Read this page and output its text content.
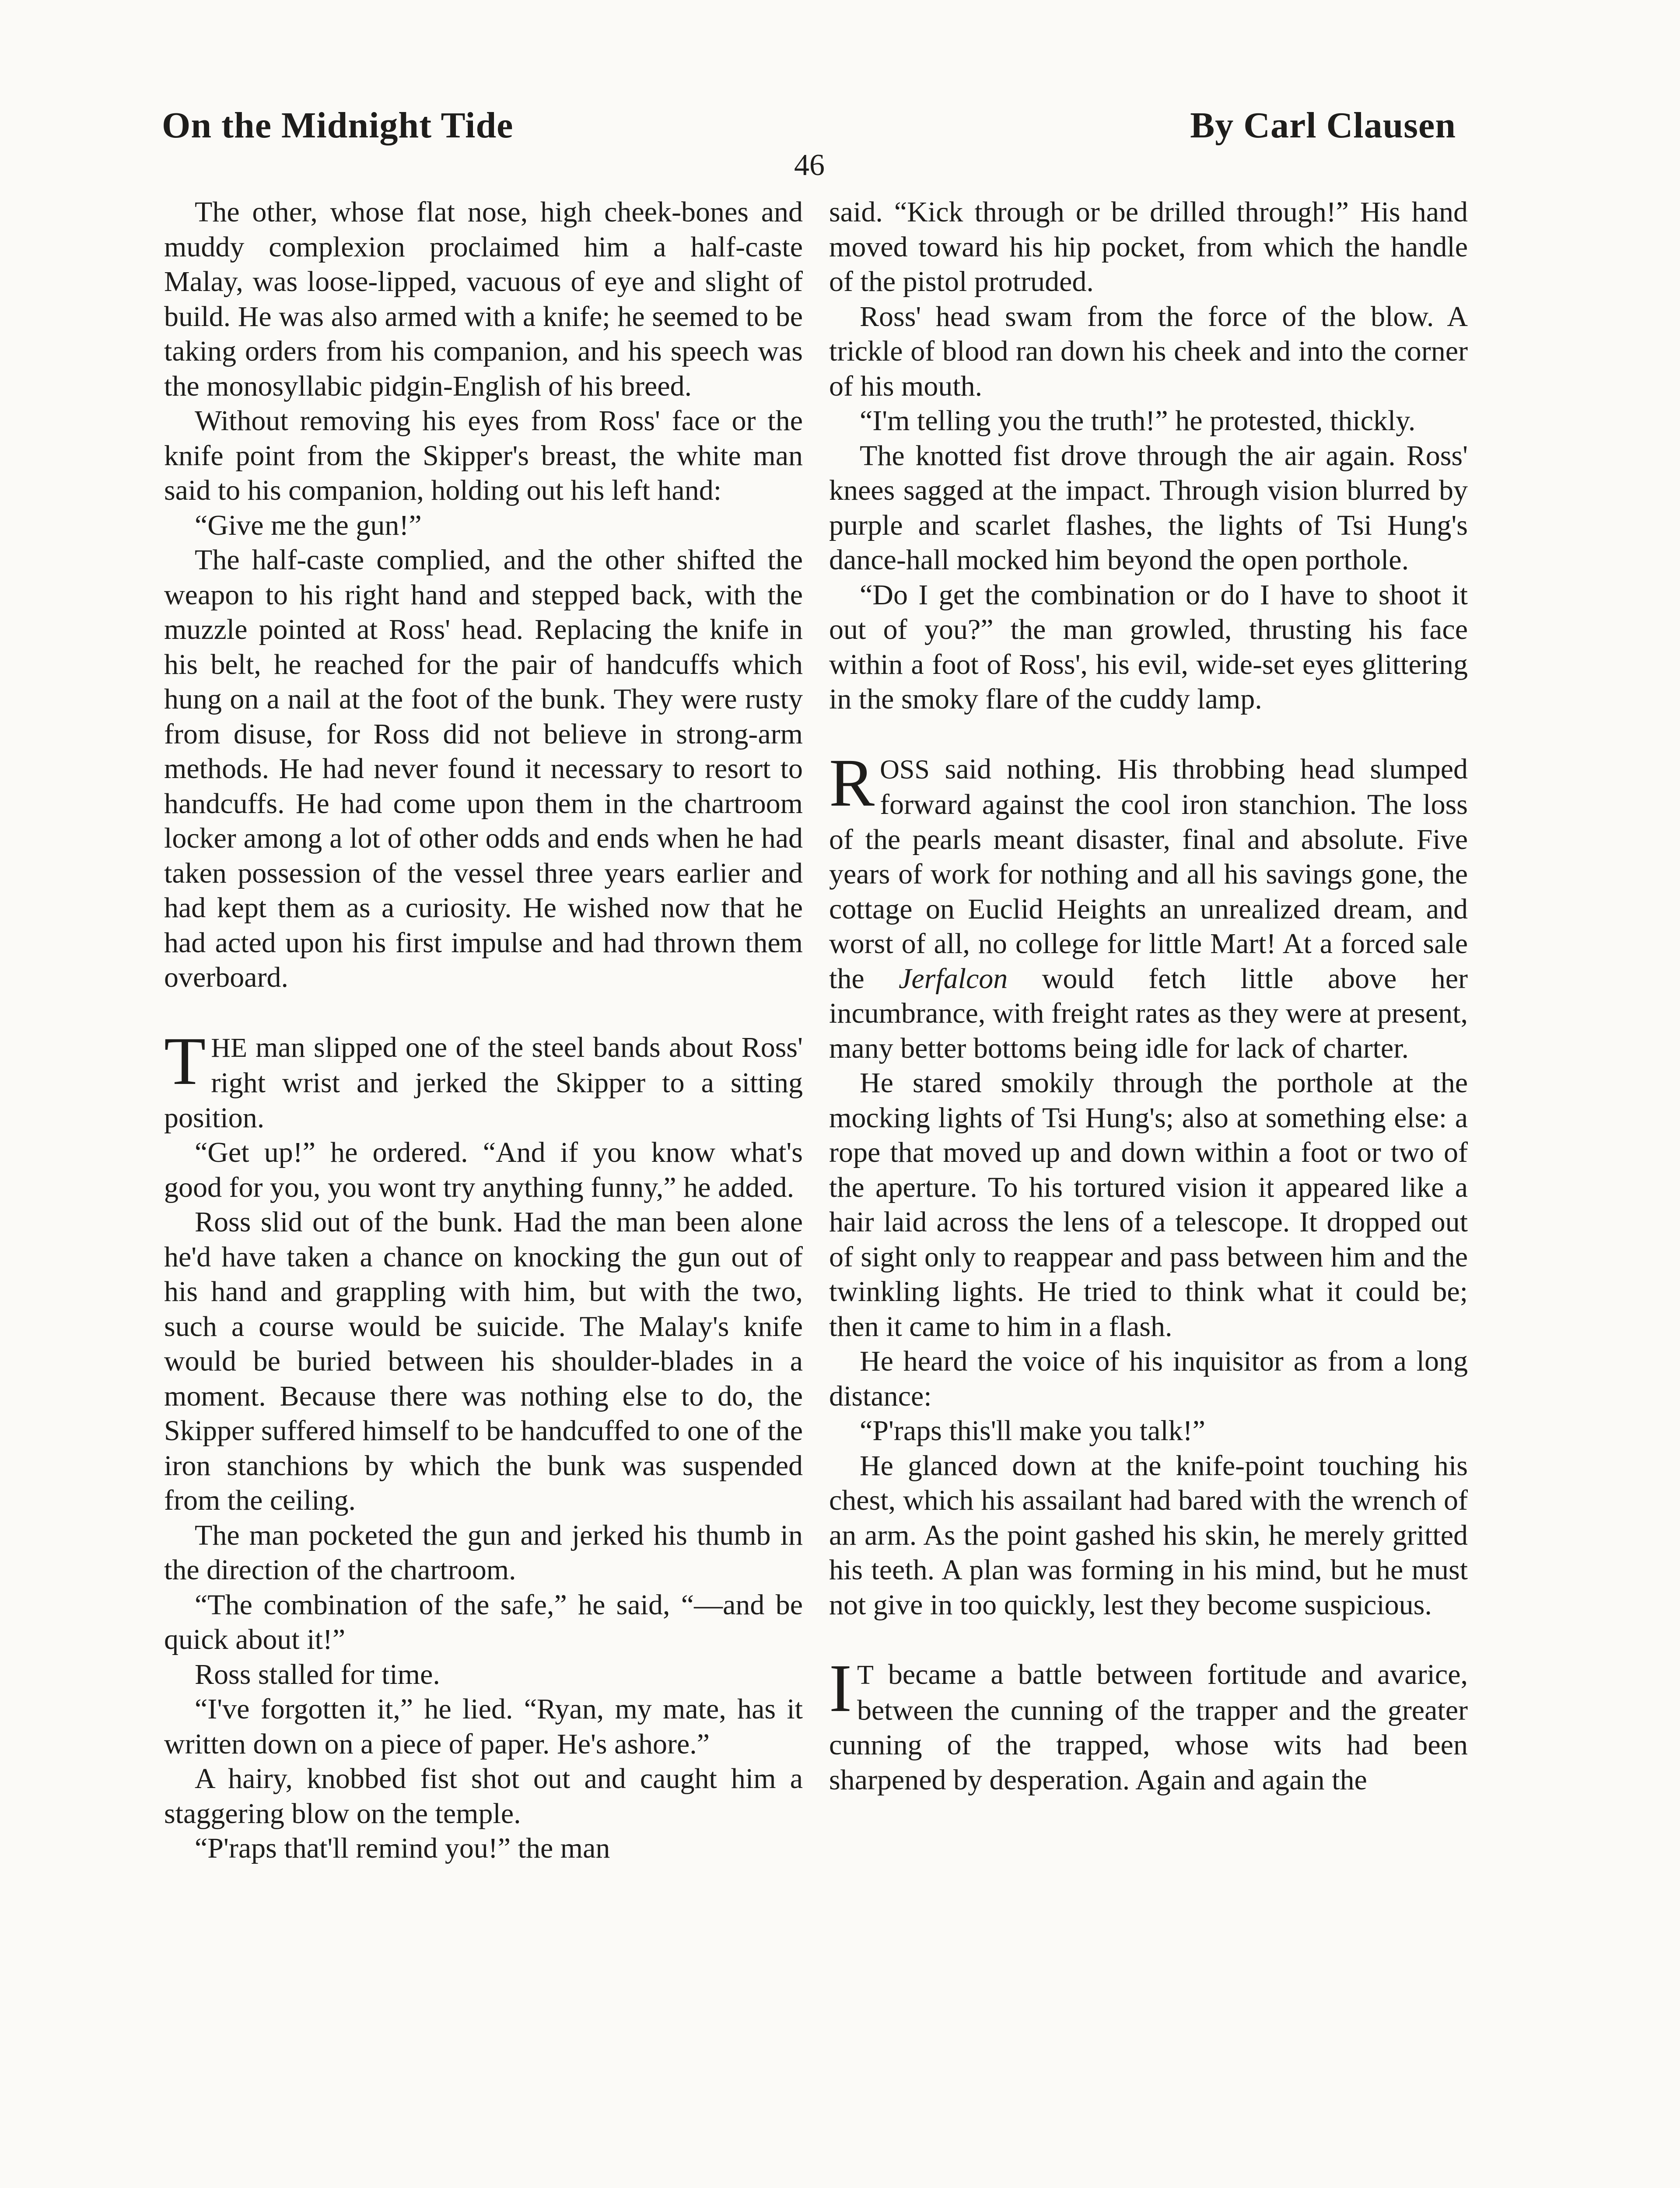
On the Midnight Tide	By Carl Clausen
46

The other, whose flat nose, high cheek-bones and muddy complexion proclaimed him a half-caste Malay, was loose-lipped, vacuous of eye and slight of build. He was also armed with a knife; he seemed to be taking orders from his companion, and his speech was the monosyllabic pidgin-English of his breed.

Without removing his eyes from Ross' face or the knife point from the Skipper's breast, the white man said to his companion, holding out his left hand:

“Give me the gun!”

The half-caste complied, and the other shifted the weapon to his right hand and stepped back, with the muzzle pointed at Ross' head. Replacing the knife in his belt, he reached for the pair of handcuffs which hung on a nail at the foot of the bunk. They were rusty from disuse, for Ross did not believe in strong-arm methods. He had never found it necessary to resort to handcuffs. He had come upon them in the chartroom locker among a lot of other odds and ends when he had taken possession of the vessel three years earlier and had kept them as a curiosity. He wished now that he had acted upon his first impulse and had thrown them overboard.

THE man slipped one of the steel bands about Ross' right wrist and jerked the Skipper to a sitting position.

“Get up!” he ordered. “And if you know what's good for you, you wont try anything funny,” he added.

Ross slid out of the bunk. Had the man been alone he'd have taken a chance on knocking the gun out of his hand and grappling with him, but with the two, such a course would be suicide. The Malay's knife would be buried between his shoulder-blades in a moment. Because there was nothing else to do, the Skipper suffered himself to be handcuffed to one of the iron stanchions by which the bunk was suspended from the ceiling.

The man pocketed the gun and jerked his thumb in the direction of the chartroom.

“The combination of the safe,” he said, “—and be quick about it!”

Ross stalled for time.

“I've forgotten it,” he lied. “Ryan, my mate, has it written down on a piece of paper. He's ashore.”

A hairy, knobbed fist shot out and caught him a staggering blow on the temple.

“P'raps that'll remind you!” the man

said. “Kick through or be drilled through!” His hand moved toward his hip pocket, from which the handle of the pistol protruded.

Ross' head swam from the force of the blow. A trickle of blood ran down his cheek and into the corner of his mouth.

“I'm telling you the truth!” he protested, thickly.

The knotted fist drove through the air again. Ross' knees sagged at the impact. Through vision blurred by purple and scarlet flashes, the lights of Tsi Hung's dance-hall mocked him beyond the open porthole.

“Do I get the combination or do I have to shoot it out of you?” the man growled, thrusting his face within a foot of Ross', his evil, wide-set eyes glittering in the smoky flare of the cuddy lamp.

ROSS said nothing. His throbbing head slumped forward against the cool iron stanchion. The loss of the pearls meant disaster, final and absolute. Five years of work for nothing and all his savings gone, the cottage on Euclid Heights an unrealized dream, and worst of all, no college for little Mart! At a forced sale the Jerfalcon would fetch little above her incumbrance, with freight rates as they were at present, many better bottoms being idle for lack of charter.

He stared smokily through the porthole at the mocking lights of Tsi Hung's; also at something else: a rope that moved up and down within a foot or two of the aperture. To his tortured vision it appeared like a hair laid across the lens of a telescope. It dropped out of sight only to reappear and pass between him and the twinkling lights. He tried to think what it could be; then it came to him in a flash.

He heard the voice of his inquisitor as from a long distance:

“P'raps this'll make you talk!”

He glanced down at the knife-point touching his chest, which his assailant had bared with the wrench of an arm. As the point gashed his skin, he merely gritted his teeth. A plan was forming in his mind, but he must not give in too quickly, lest they become suspicious.

I T became a battle between fortitude and avarice, between the cunning of the trapper and the greater cunning of the trapped, whose wits had been sharpened by desperation. Again and again the
